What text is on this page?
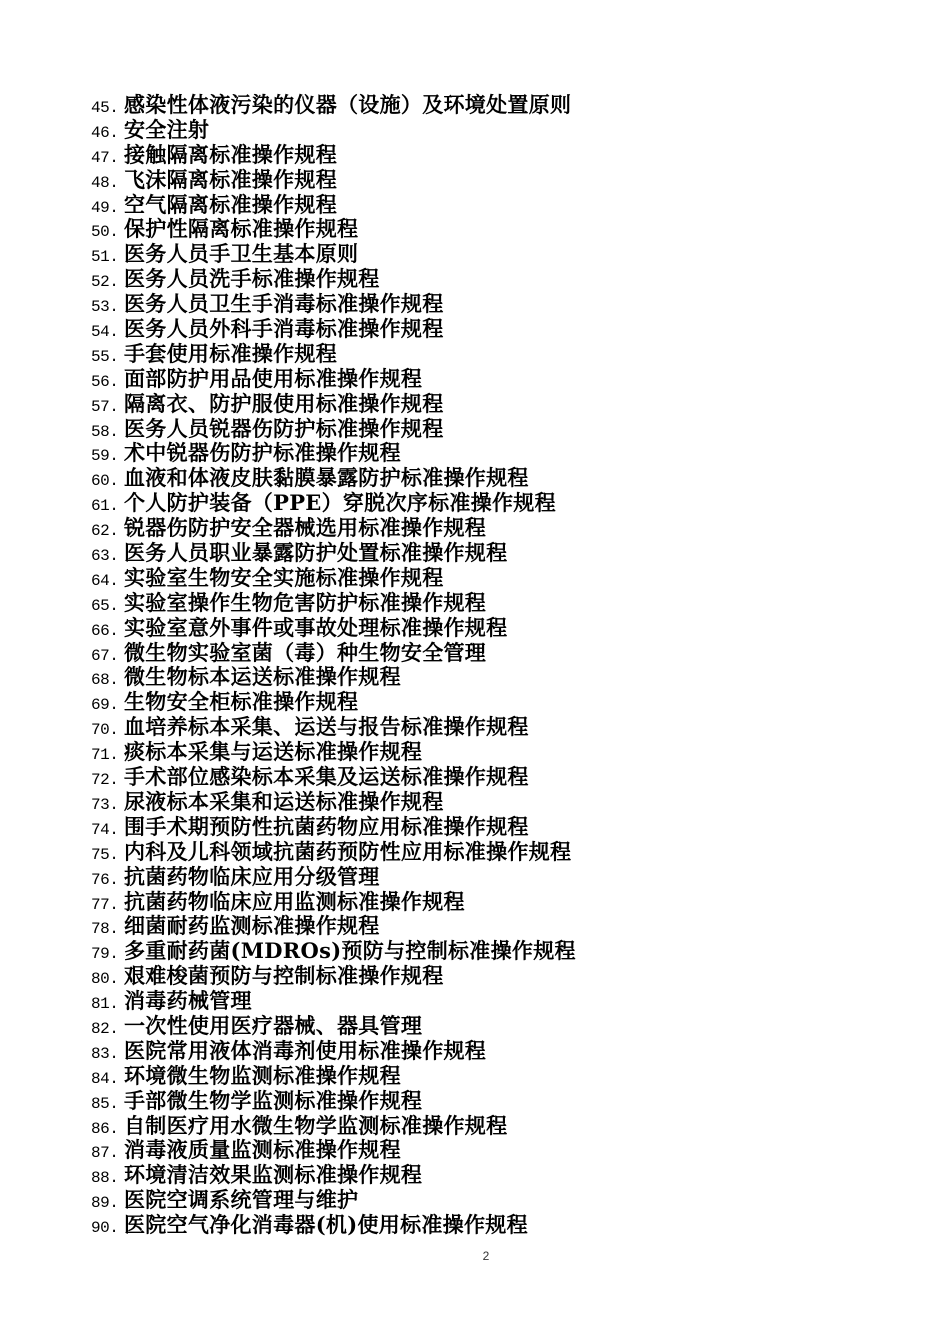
45. 感染性体液污染的仪器（设施）及环境处置原则
46. 安全注射
47. 接触隔离标准操作规程
48. 飞沫隔离标准操作规程
49. 空气隔离标准操作规程
50. 保护性隔离标准操作规程
51. 医务人员手卫生基本原则
52. 医务人员洗手标准操作规程
53. 医务人员卫生手消毒标准操作规程
54. 医务人员外科手消毒标准操作规程
55. 手套使用标准操作规程
56. 面部防护用品使用标准操作规程
57. 隔离衣、防护服使用标准操作规程
58. 医务人员锐器伤防护标准操作规程
59. 术中锐器伤防护标准操作规程
60. 血液和体液皮肤黏膜暴露防护标准操作规程
61. 个人防护装备（PPE）穿脱次序标准操作规程
62. 锐器伤防护安全器械选用标准操作规程
63. 医务人员职业暴露防护处置标准操作规程
64. 实验室生物安全实施标准操作规程
65. 实验室操作生物危害防护标准操作规程
66. 实验室意外事件或事故处理标准操作规程
67. 微生物实验室菌（毒）种生物安全管理
68. 微生物标本运送标准操作规程
69. 生物安全柜标准操作规程
70. 血培养标本采集、运送与报告标准操作规程
71. 痰标本采集与运送标准操作规程
72. 手术部位感染标本采集及运送标准操作规程
73. 尿液标本采集和运送标准操作规程
74. 围手术期预防性抗菌药物应用标准操作规程
75. 内科及儿科领域抗菌药预防性应用标准操作规程
76. 抗菌药物临床应用分级管理
77. 抗菌药物临床应用监测标准操作规程
78. 细菌耐药监测标准操作规程
79. 多重耐药菌(MDROs)预防与控制标准操作规程
80. 艰难梭菌预防与控制标准操作规程
81. 消毒药械管理
82. 一次性使用医疗器械、器具管理
83. 医院常用液体消毒剂使用标准操作规程
84. 环境微生物监测标准操作规程
85. 手部微生物学监测标准操作规程
86. 自制医疗用水微生物学监测标准操作规程
87. 消毒液质量监测标准操作规程
88. 环境清洁效果监测标准操作规程
89. 医院空调系统管理与维护
90. 医院空气净化消毒器(机)使用标准操作规程
2
